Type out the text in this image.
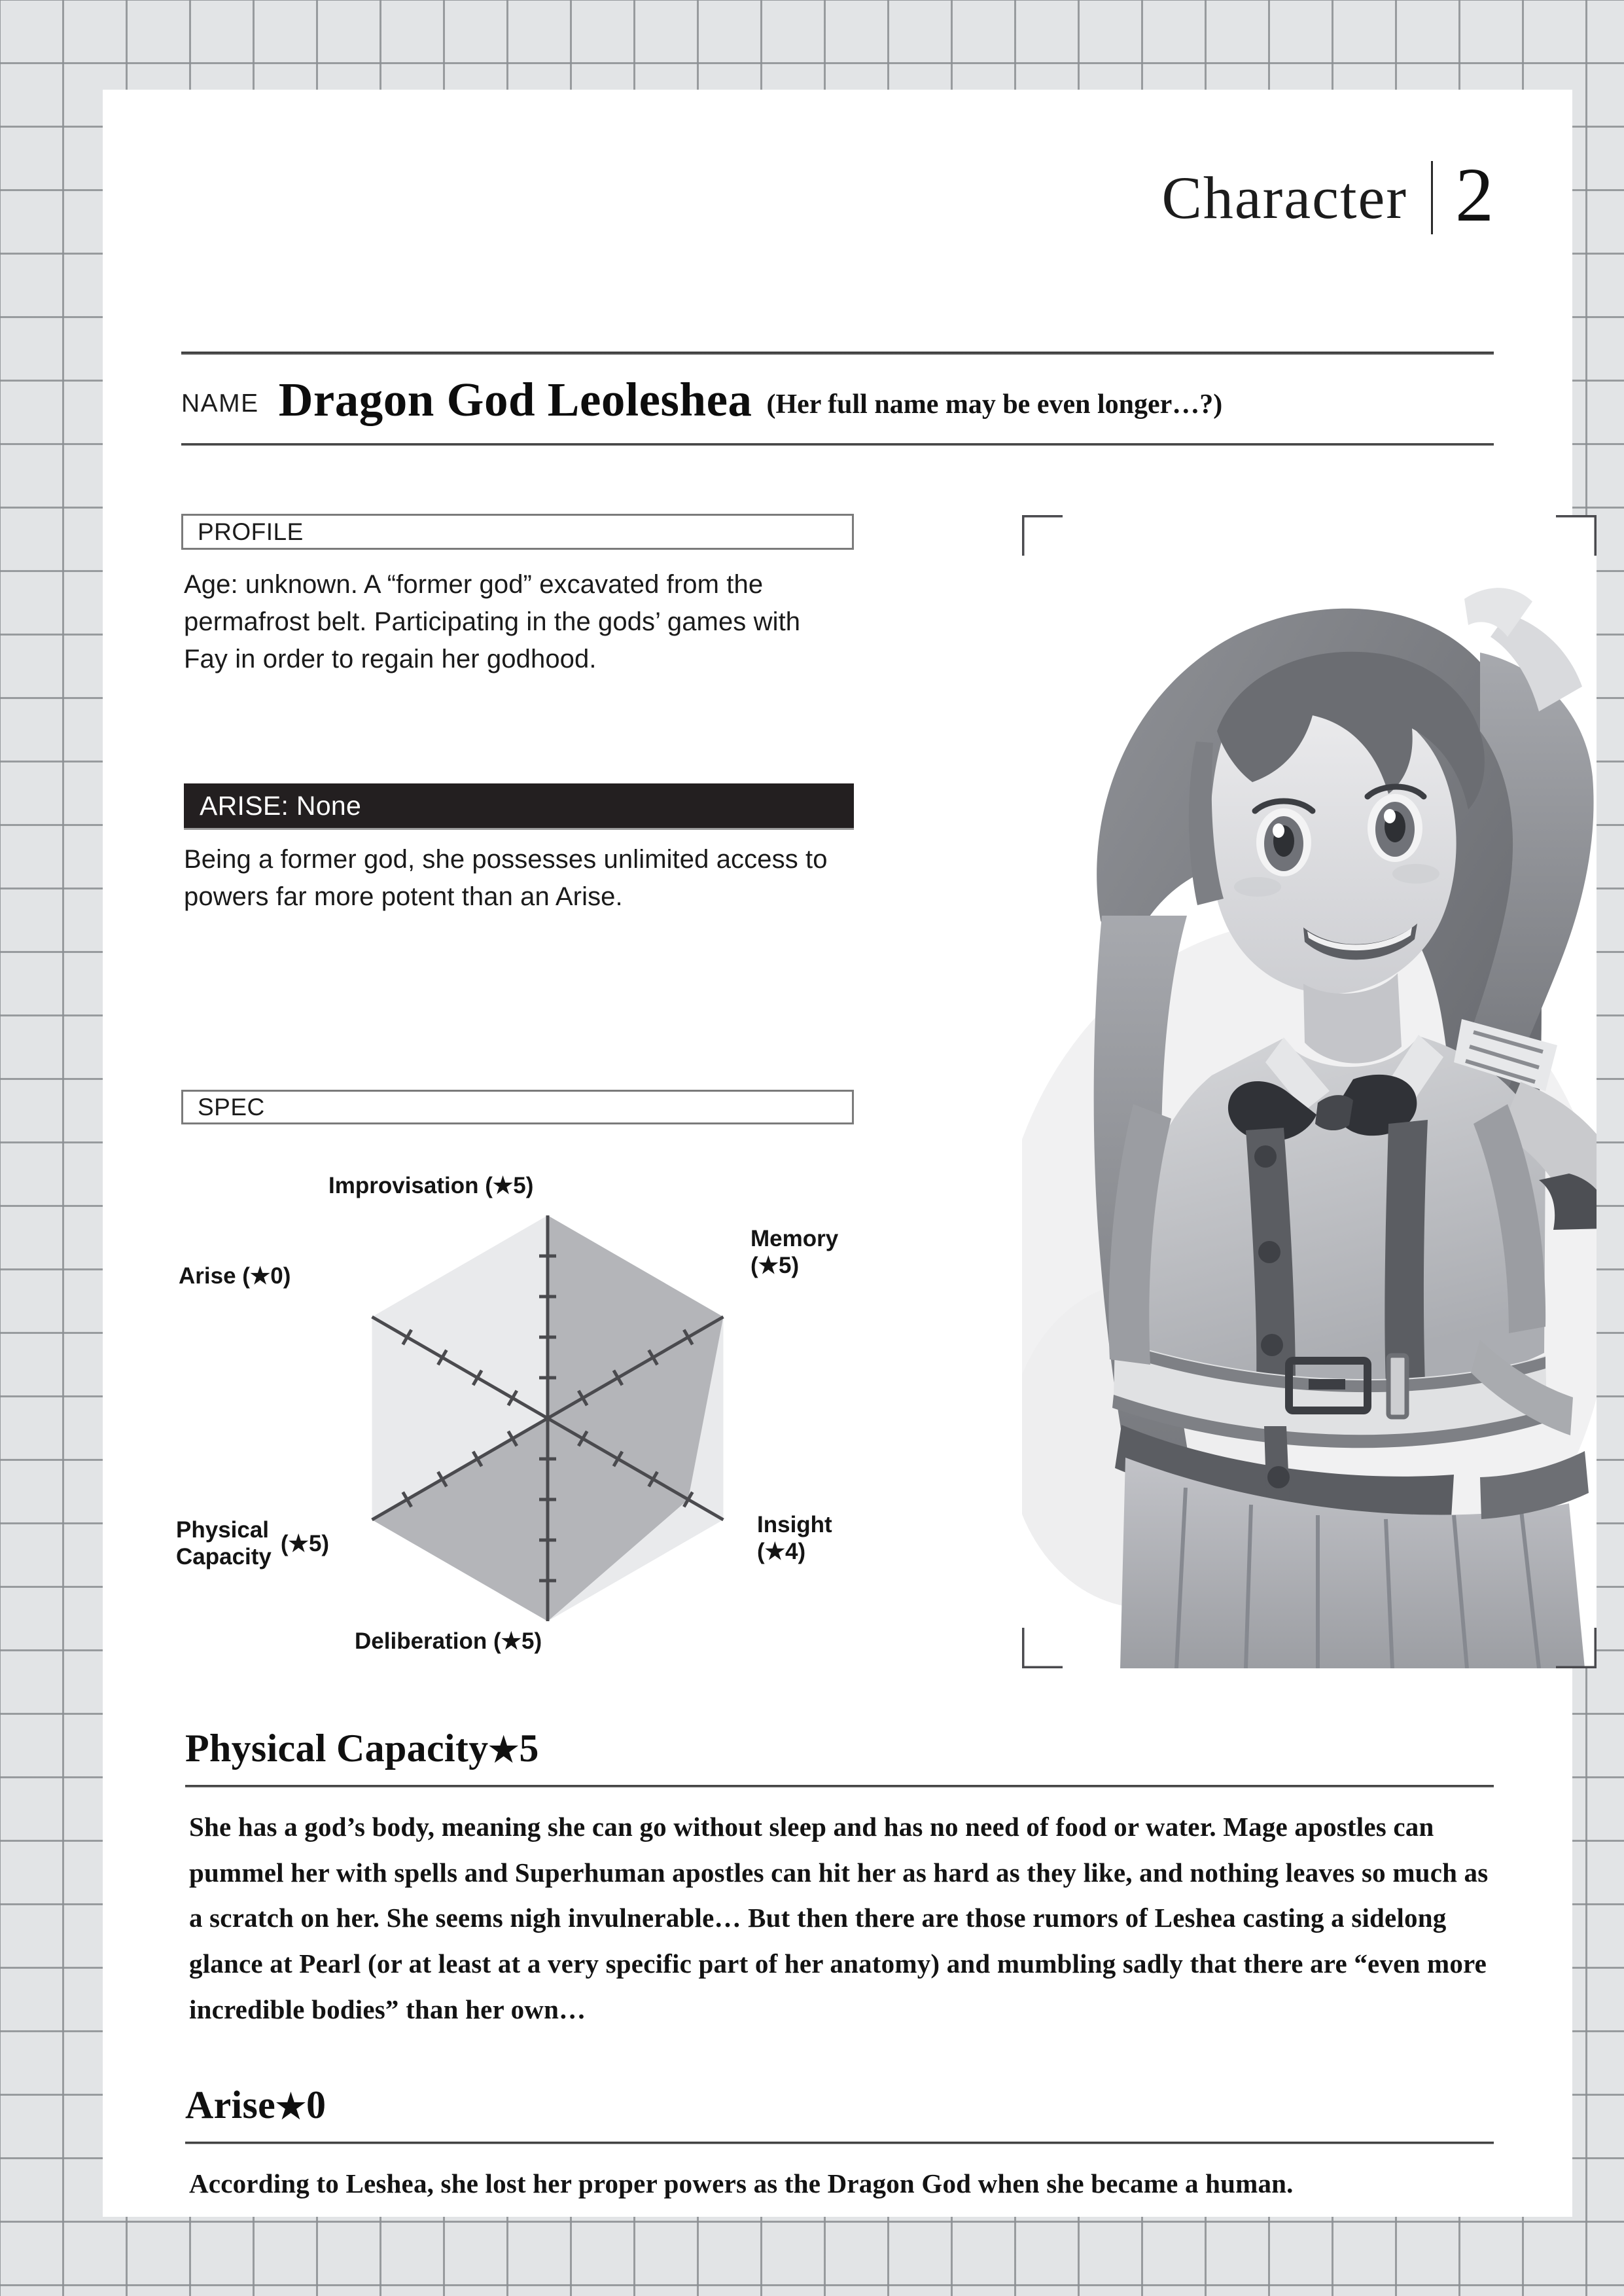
Character 2
NAME Dragon God Leoleshea (Her full name may be even longer…?)
PROFILE
Age: unknown. A “former god” excavated from the permafrost belt. Participating in the gods’ games with Fay in order to regain her godhood.
ARISE: None
Being a former god, she possesses unlimited access to powers far more potent than an Arise.
SPEC
Improvisation (★5)
Memory
(★5)
Insight
(★4)
Deliberation (★5)
Physical
Capacity
	(★5)
Arise (★0)
Physical Capacity★5
She has a god’s body, meaning she can go without sleep and has no need of food or water. Mage apostles can pummel her with spells and Superhuman apostles can hit her as hard as they like, and nothing leaves so much as a scratch on her. She seems nigh invulnerable… But then there are those rumors of Leshea casting a sidelong glance at Pearl (or at least at a very specific part of her anatomy) and mumbling sadly that there are “even more incredible bodies” than her own…
Arise★0
According to Leshea, she lost her proper powers as the Dragon God when she became a human.
